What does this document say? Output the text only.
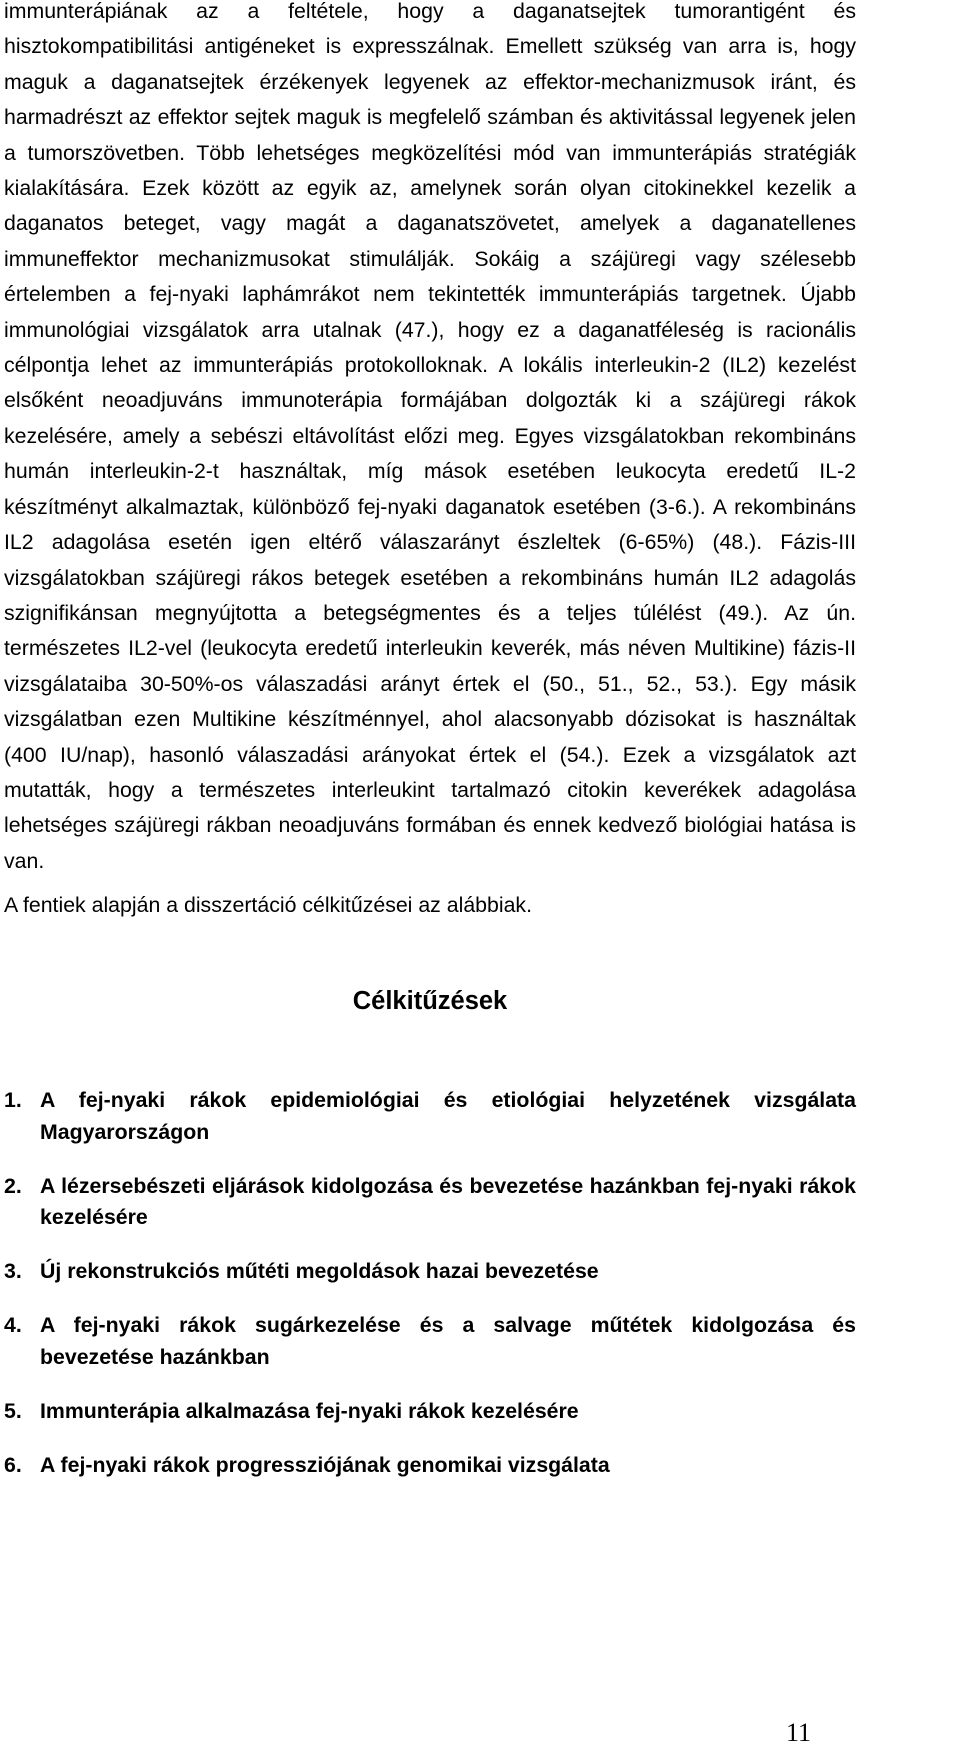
immunterápiának az a feltétele, hogy a daganatsejtek tumorantigént és hisztokompatibilitási antigéneket is expresszálnak. Emellett szükség van arra is, hogy maguk a daganatsejtek érzékenyek legyenek az effektor-mechanizmusok iránt, és harmadrészt az effektor sejtek maguk is megfelelő számban és aktivitással legyenek jelen a tumorszövetben. Több lehetséges megközelítési mód van immunterápiás stratégiák kialakítására. Ezek között az egyik az, amelynek során olyan citokinekkel kezelik a daganatos beteget, vagy magát a daganatszövetet, amelyek a daganatellenes immuneffektor mechanizmusokat stimulálják. Sokáig a szájüregi vagy szélesebb értelemben a fej-nyaki laphámrákot nem tekintették immunterápiás targetnek. Újabb immunológiai vizsgálatok arra utalnak (47.), hogy ez a daganatféleség is racionális célpontja lehet az immunterápiás protokolloknak. A lokális interleukin-2 (IL2) kezelést elsőként neoadjuváns immunoterápia formájában dolgozták ki a szájüregi rákok kezelésére, amely a sebészi eltávolítást előzi meg. Egyes vizsgálatokban rekombináns humán interleukin-2-t használtak, míg mások esetében leukocyta eredetű IL-2 készítményt alkalmaztak, különböző fej-nyaki daganatok esetében (3-6.). A rekombináns IL2 adagolása esetén igen eltérő válaszarányt észleltek (6-65%) (48.). Fázis-III vizsgálatokban szájüregi rákos betegek esetében a rekombináns humán IL2 adagolás szignifikánsan megnyújtotta a betegségmentes és a teljes túlélést (49.). Az ún. természetes IL2-vel (leukocyta eredetű interleukin keverék, más néven Multikine) fázis-II vizsgálataiba 30-50%-os válaszadási arányt értek el (50., 51., 52., 53.). Egy másik vizsgálatban ezen Multikine készítménnyel, ahol alacsonyabb dózisokat is használtak (400 IU/nap), hasonló válaszadási arányokat értek el (54.). Ezek a vizsgálatok azt mutatták, hogy a természetes interleukint tartalmazó citokin keverékek adagolása lehetséges szájüregi rákban neoadjuváns formában és ennek kedvező biológiai hatása is van.

A fentiek alapján a disszertáció célkitűzései az alábbiak.

Célkitűzések
1. A fej-nyaki rákok epidemiológiai és etiológiai helyzetének vizsgálata Magyarországon
2. A lézersebészeti eljárások kidolgozása és bevezetése hazánkban fej-nyaki rákok kezelésére
3. Új rekonstrukciós műtéti megoldások hazai bevezetése
4. A fej-nyaki rákok sugárkezelése és a salvage műtétek kidolgozása és bevezetése hazánkban
5. Immunterápia alkalmazása fej-nyaki rákok kezelésére
6. A fej-nyaki rákok progressziójának genomikai vizsgálata

11
